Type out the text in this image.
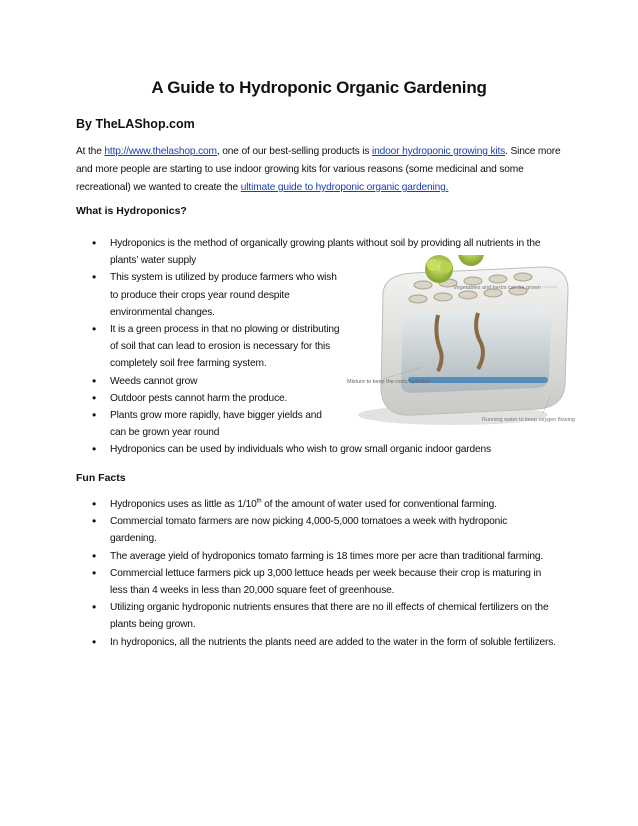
A Guide to Hydroponic Organic Gardening
By TheLAShop.com
At the http://www.thelashop.com, one of our best-selling products is indoor hydroponic growing kits. Since more and more people are starting to use indoor growing kits for various reasons (some medicinal and some recreational) we wanted to create the ultimate guide to hydroponic organic gardening.
What is Hydroponics?
• Hydroponics is the method of organically growing plants without soil by providing all nutrients in the plants’ water supply
• This system is utilized by produce farmers who wish to produce their crops year round despite environmental changes.
• It is a green process in that no plowing or distributing of soil that can lead to erosion is necessary for this completely soil free farming system.
• Weeds cannot grow
• Outdoor pests cannot harm the produce.
• Plants grow more rapidly, have bigger yields and can be grown year round
• Hydroponics can be used by individuals who wish to grow small organic indoor gardens
Vegetables and herbs can be grown
Mixture to keep the roots hydrated
Running water to keep oxygen flowing
Fun Facts
• Hydroponics uses as little as 1/10th of the amount of water used for conventional farming.
• Commercial tomato farmers are now picking 4,000-5,000 tomatoes a week with hydroponic gardening.
• The average yield of hydroponics tomato farming is 18 times more per acre than traditional farming.
• Commercial lettuce farmers pick up 3,000 lettuce heads per week because their crop is maturing in less than 4 weeks in less than 20,000 square feet of greenhouse.
• Utilizing organic hydroponic nutrients ensures that there are no ill effects of chemical fertilizers on the plants being grown.
• In hydroponics, all the nutrients the plants need are added to the water in the form of soluble fertilizers.
